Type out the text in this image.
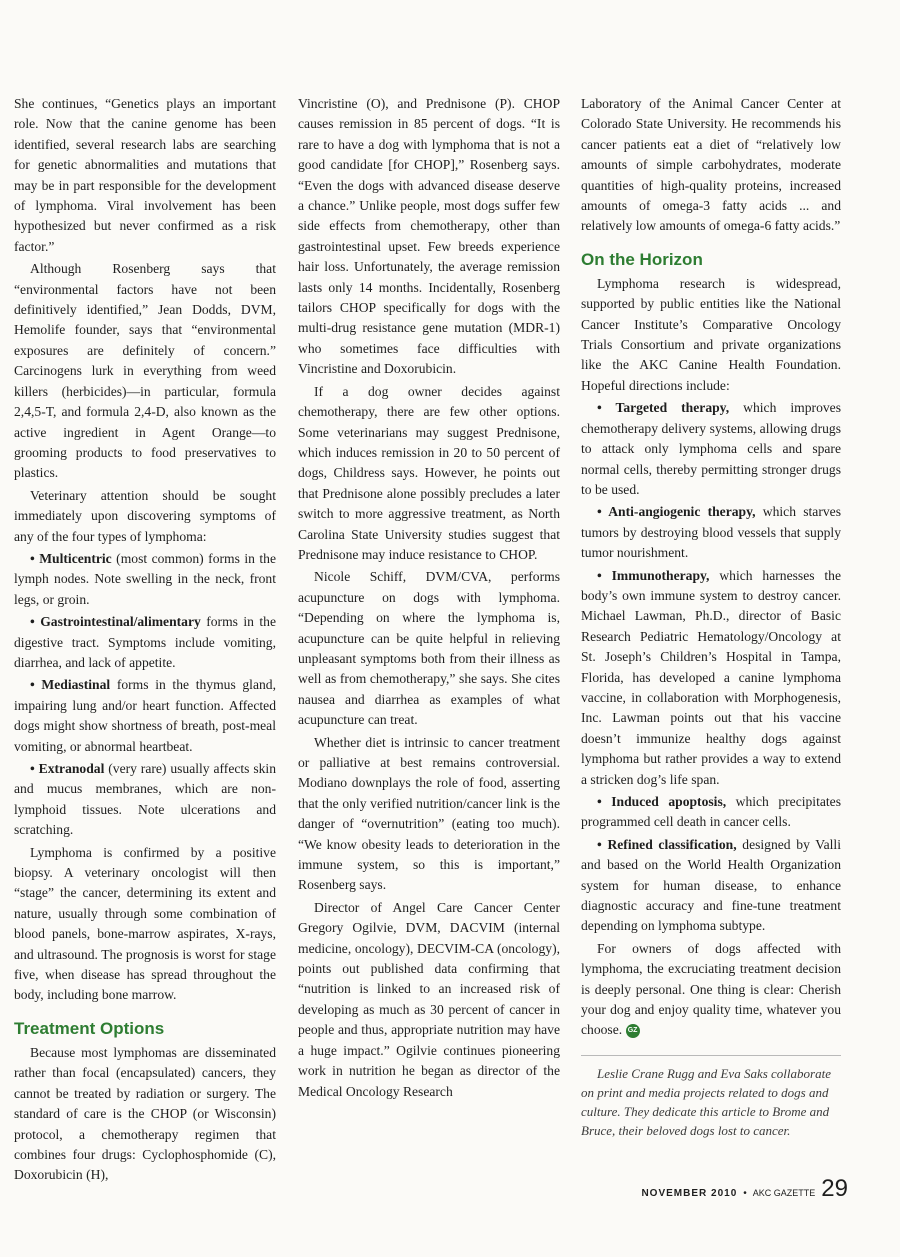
She continues, “Genetics plays an important role. Now that the canine genome has been identified, several research labs are searching for genetic abnormalities and mutations that may be in part responsible for the development of lymphoma. Viral involvement has been hypothesized but never confirmed as a risk factor.”

Although Rosenberg says that “environmental factors have not been definitively identified,” Jean Dodds, DVM, Hemolife founder, says that “environmental exposures are definitely of concern.” Carcinogens lurk in everything from weed killers (herbicides)—in particular, formula 2,4,5-T, and formula 2,4-D, also known as the active ingredient in Agent Orange—to grooming products to food preservatives to plastics.

Veterinary attention should be sought immediately upon discovering symptoms of any of the four types of lymphoma:

• Multicentric (most common) forms in the lymph nodes. Note swelling in the neck, front legs, or groin.

• Gastrointestinal/alimentary forms in the digestive tract. Symptoms include vomiting, diarrhea, and lack of appetite.

• Mediastinal forms in the thymus gland, impairing lung and/or heart function. Affected dogs might show shortness of breath, post-meal vomiting, or abnormal heartbeat.

• Extranodal (very rare) usually affects skin and mucus membranes, which are non-lymphoid tissues. Note ulcerations and scratching.

Lymphoma is confirmed by a positive biopsy. A veterinary oncologist will then “stage” the cancer, determining its extent and nature, usually through some combination of blood panels, bone-marrow aspirates, X-rays, and ultrasound. The prognosis is worst for stage five, when disease has spread throughout the body, including bone marrow.

Treatment Options

Because most lymphomas are disseminated rather than focal (encapsulated) cancers, they cannot be treated by radiation or surgery. The standard of care is the CHOP (or Wisconsin) protocol, a chemotherapy regimen that combines four drugs: Cyclophosphomide (C), Doxorubicin (H),

Vincristine (O), and Prednisone (P). CHOP causes remission in 85 percent of dogs. “It is rare to have a dog with lymphoma that is not a good candidate [for CHOP],” Rosenberg says. “Even the dogs with advanced disease deserve a chance.” Unlike people, most dogs suffer few side effects from chemotherapy, other than gastrointestinal upset. Few breeds experience hair loss. Unfortunately, the average remission lasts only 14 months. Incidentally, Rosenberg tailors CHOP specifically for dogs with the multi-drug resistance gene mutation (MDR-1) who sometimes face difficulties with Vincristine and Doxorubicin.

If a dog owner decides against chemotherapy, there are few other options. Some veterinarians may suggest Prednisone, which induces remission in 20 to 50 percent of dogs, Childress says. However, he points out that Prednisone alone possibly precludes a later switch to more aggressive treatment, as North Carolina State University studies suggest that Prednisone may induce resistance to CHOP.

Nicole Schiff, DVM/CVA, performs acupuncture on dogs with lymphoma. “Depending on where the lymphoma is, acupuncture can be quite helpful in relieving unpleasant symptoms both from their illness as well as from chemotherapy,” she says. She cites nausea and diarrhea as examples of what acupuncture can treat.

Whether diet is intrinsic to cancer treatment or palliative at best remains controversial. Modiano downplays the role of food, asserting that the only verified nutrition/cancer link is the danger of “overnutrition” (eating too much). “We know obesity leads to deterioration in the immune system, so this is important,” Rosenberg says.

Director of Angel Care Cancer Center Gregory Ogilvie, DVM, DACVIM (internal medicine, oncology), DECVIM-CA (oncology), points out published data confirming that “nutrition is linked to an increased risk of developing as much as 30 percent of cancer in people and thus, appropriate nutrition may have a huge impact.” Ogilvie continues pioneering work in nutrition he began as director of the Medical Oncology Research

Laboratory of the Animal Cancer Center at Colorado State University. He recommends his cancer patients eat a diet of “relatively low amounts of simple carbohydrates, moderate quantities of high-quality proteins, increased amounts of omega-3 fatty acids ... and relatively low amounts of omega-6 fatty acids.”

On the Horizon

Lymphoma research is widespread, supported by public entities like the National Cancer Institute’s Comparative Oncology Trials Consortium and private organizations like the AKC Canine Health Foundation. Hopeful directions include:

• Targeted therapy, which improves chemotherapy delivery systems, allowing drugs to attack only lymphoma cells and spare normal cells, thereby permitting stronger drugs to be used.

• Anti-angiogenic therapy, which starves tumors by destroying blood vessels that supply tumor nourishment.

• Immunotherapy, which harnesses the body’s own immune system to destroy cancer. Michael Lawman, Ph.D., director of Basic Research Pediatric Hematology/Oncology at St. Joseph’s Children’s Hospital in Tampa, Florida, has developed a canine lymphoma vaccine, in collaboration with Morphogenesis, Inc. Lawman points out that his vaccine doesn’t immunize healthy dogs against lymphoma but rather provides a way to extend a stricken dog’s life span.

• Induced apoptosis, which precipitates programmed cell death in cancer cells.

• Refined classification, designed by Valli and based on the World Health Organization system for human disease, to enhance diagnostic accuracy and fine-tune treatment depending on lymphoma subtype.

For owners of dogs affected with lymphoma, the excruciating treatment decision is deeply personal. One thing is clear: Cherish your dog and enjoy quality time, whatever you choose. GZ

Leslie Crane Rugg and Eva Saks collaborate on print and media projects related to dogs and culture. They dedicate this article to Brome and Bruce, their beloved dogs lost to cancer.

NOVEMBER 2010 • AKC GAZETTE 29
